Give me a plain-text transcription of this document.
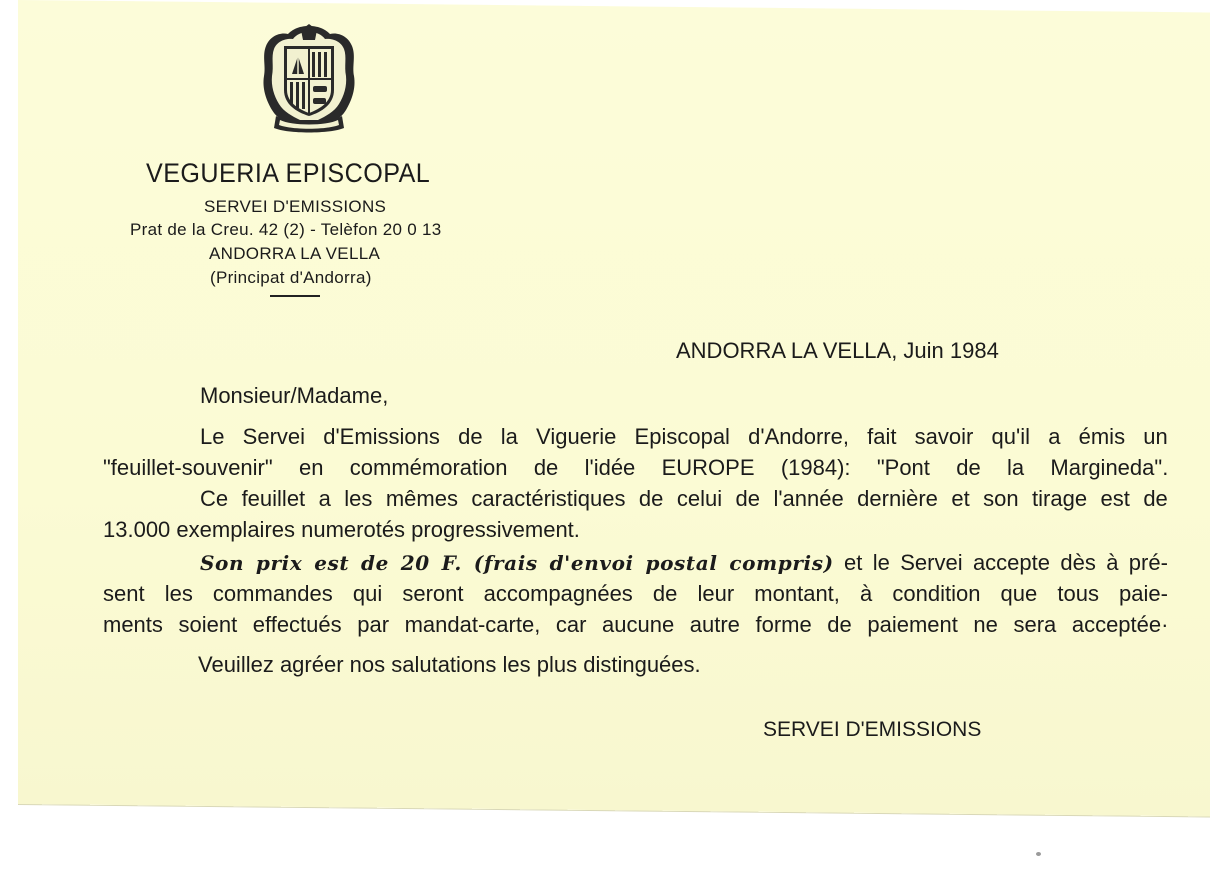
VEGUERIA EPISCOPAL
SERVEI D'EMISSIONS
Prat de la Creu. 42 (2) - Telèfon 20 0 13
ANDORRA LA VELLA
(Principat d'Andorra)
ANDORRA LA VELLA, Juin 1984
Monsieur/Madame,
Le Servei d'Emissions de la Viguerie Episcopal d'Andorre, fait savoir qu'il a émis un
"feuillet-souvenir" en commémoration de l'idée EUROPE (1984): "Pont de la Margineda".
Ce feuillet a les mêmes caractéristiques de celui de l'année dernière et son tirage est de
13.000 exemplaires numerotés progressivement.
Son prix est de 20 F. (frais d'envoi postal compris) et le Servei accepte dès à pré-
sent les commandes qui seront accompagnées de leur montant, à condition que tous paie-
ments soient effectués par mandat-carte, car aucune autre forme de paiement ne sera acceptée·
Veuillez agréer nos salutations les plus distinguées.
SERVEI D'EMISSIONS
